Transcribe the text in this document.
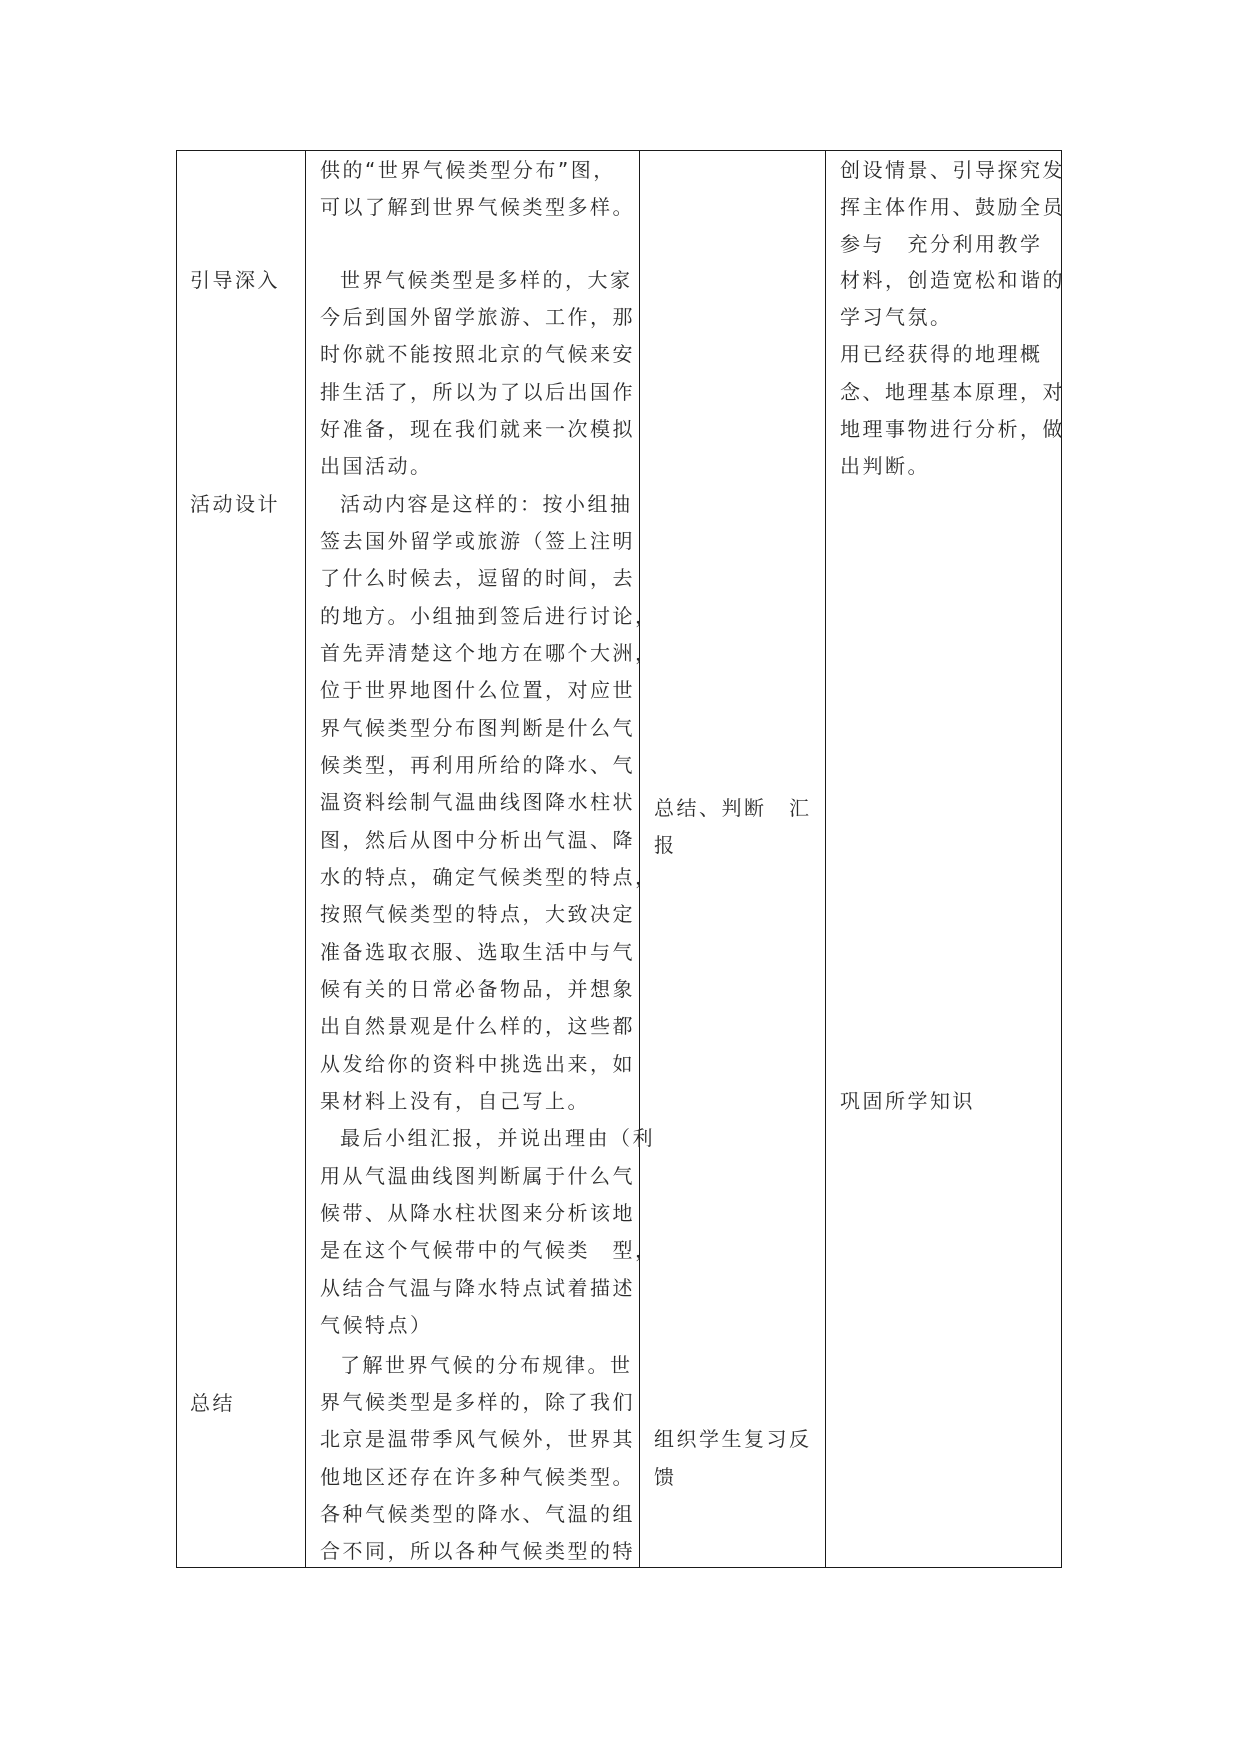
引导深入
活动设计
总结
供的“世界气候类型分布”图，
可以了解到世界气候类型多样。
世界气候类型是多样的，大家
今后到国外留学旅游、工作，那
时你就不能按照北京的气候来安
排生活了，所以为了以后出国作
好准备，现在我们就来一次模拟
出国活动。
活动内容是这样的：按小组抽
签去国外留学或旅游（签上注明
了什么时候去，逗留的时间，去
的地方。小组抽到签后进行讨论，
首先弄清楚这个地方在哪个大洲，
位于世界地图什么位置，对应世
界气候类型分布图判断是什么气
候类型，再利用所给的降水、气
温资料绘制气温曲线图降水柱状
图，然后从图中分析出气温、降
水的特点，确定气候类型的特点，
按照气候类型的特点，大致决定
准备选取衣服、选取生活中与气
候有关的日常必备物品，并想象
出自然景观是什么样的，这些都
从发给你的资料中挑选出来，如
果材料上没有，自己写上。
最后小组汇报，并说出理由（利
用从气温曲线图判断属于什么气
候带、从降水柱状图来分析该地
是在这个气候带中的气候类　型，
从结合气温与降水特点试着描述
气候特点）
了解世界气候的分布规律。世
界气候类型是多样的，除了我们
北京是温带季风气候外，世界其
他地区还存在许多种气候类型。
各种气候类型的降水、气温的组
合不同，所以各种气候类型的特
总结、判断　汇
报
组织学生复习反
馈
创设情景、引导探究发
挥主体作用、鼓励全员
参与　充分利用教学
材料，创造宽松和谐的
学习气氛。
用已经获得的地理概
念、地理基本原理，对
地理事物进行分析，做
出判断。
巩固所学知识
